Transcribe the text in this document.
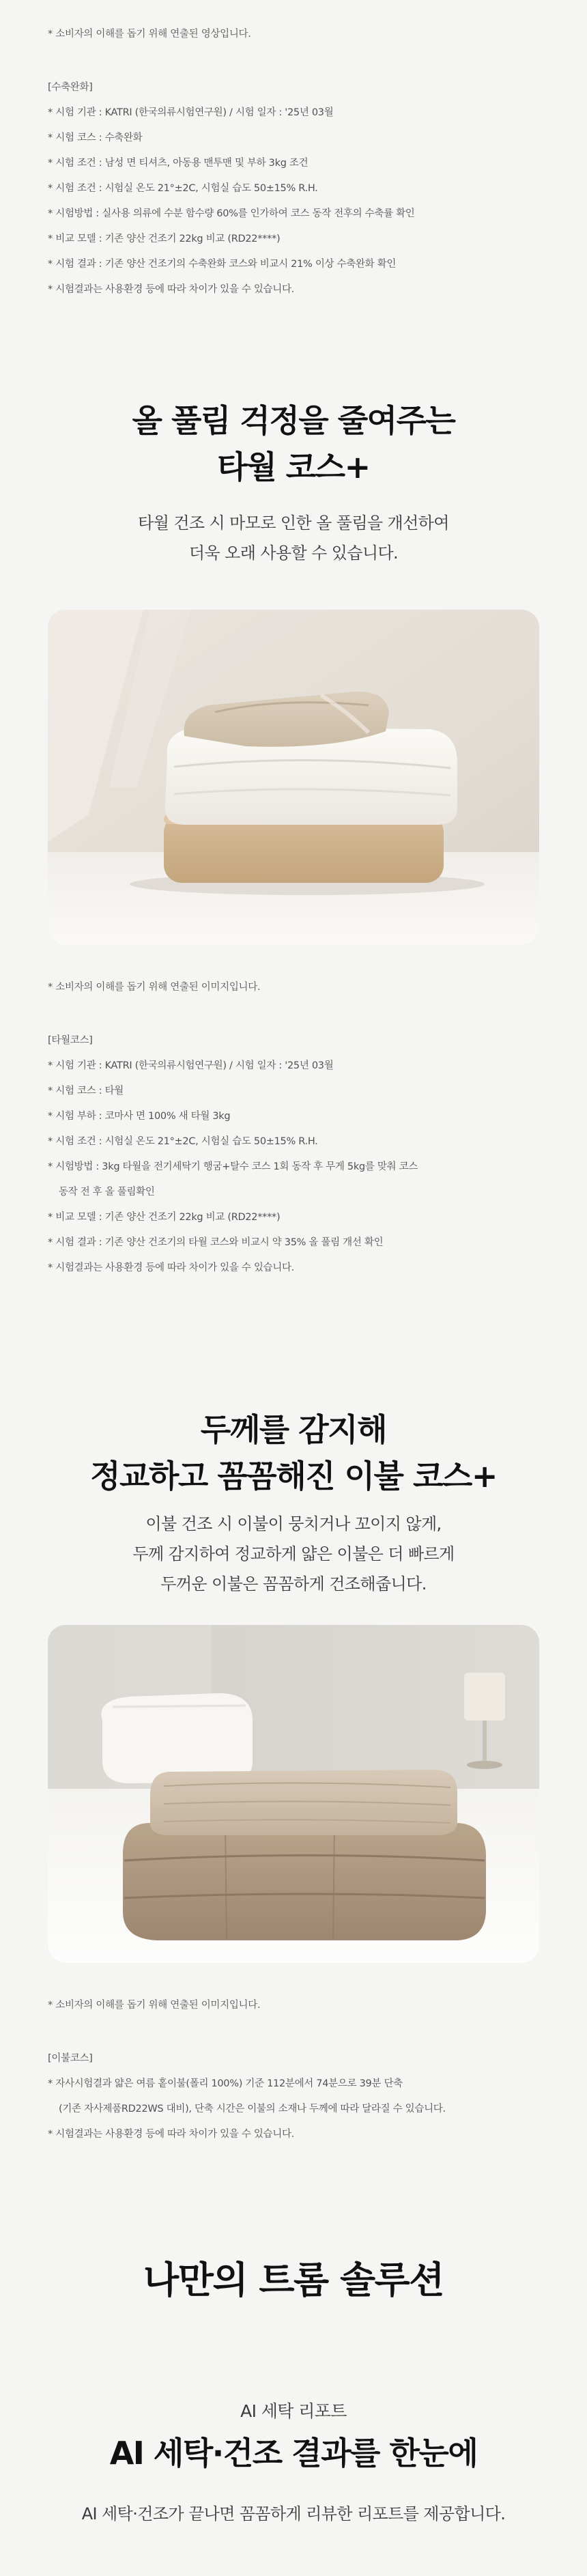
* 소비자의 이해를 돕기 위해 연출된 영상입니다.
[수축완화]
* 시험 기관 : KATRI (한국의류시험연구원) / 시험 일자 : '25년 03월
* 시험 코스 : 수축완화
* 시험 조건 : 남성 면 티셔츠, 아동용 맨투맨 및 부하 3kg 조건
* 시험 조건 : 시험실 온도 21°±2C, 시험실 습도 50±15% R.H.
* 시험방법 : 실사용 의류에 수분 함수량 60%를 인가하여 코스 동작 전후의 수축률 확인
* 비교 모델 : 기존 양산 건조기 22kg 비교 (RD22****)
* 시험 결과 : 기존 양산 건조기의 수축완화 코스와 비교시 21% 이상 수축완화 확인
* 시험결과는 사용환경 등에 따라 차이가 있을 수 있습니다.
올 풀림 걱정을 줄여주는
타월 코스+
타월 건조 시 마모로 인한 올 풀림을 개선하여
더욱 오래 사용할 수 있습니다.
* 소비자의 이해를 돕기 위해 연출된 이미지입니다.
[타월코스]
* 시험 기관 : KATRI (한국의류시험연구원) / 시험 일자 : '25년 03월
* 시험 코스 : 타월
* 시험 부하 : 코마사 면 100% 새 타월 3kg
* 시험 조건 : 시험실 온도 21°±2C, 시험실 습도 50±15% R.H.
* 시험방법 : 3kg 타월을 전기세탁기 행굼+탈수 코스 1회 동작 후 무게 5kg를 맞춰 코스
동작 전 후 올 풀림확인
* 비교 모델 : 기존 양산 건조기 22kg 비교 (RD22****)
* 시험 결과 : 기존 양산 건조기의 타월 코스와 비교시 약 35% 올 풀림 개선 확인
* 시험결과는 사용환경 등에 따라 차이가 있을 수 있습니다.
두께를 감지해
정교하고 꼼꼼해진 이불 코스+
이불 건조 시 이불이 뭉치거나 꼬이지 않게,
두께 감지하여 정교하게 얇은 이불은 더 빠르게
두꺼운 이불은 꼼꼼하게 건조해줍니다.
* 소비자의 이해를 돕기 위해 연출된 이미지입니다.
[이불코스]
* 자사시험결과 얇은 여름 홑이불(폴리 100%) 기준 112분에서 74분으로 39분 단축
(기존 자사제품RD22WS 대비), 단축 시간은 이불의 소재나 두께에 따라 달라질 수 있습니다.
* 시험결과는 사용환경 등에 따라 차이가 있을 수 있습니다.
나만의 트롬 솔루션
AI 세탁 리포트
AI 세탁·건조 결과를 한눈에
AI 세탁·건조가 끝나면 꼼꼼하게 리뷰한 리포트를 제공합니다.
